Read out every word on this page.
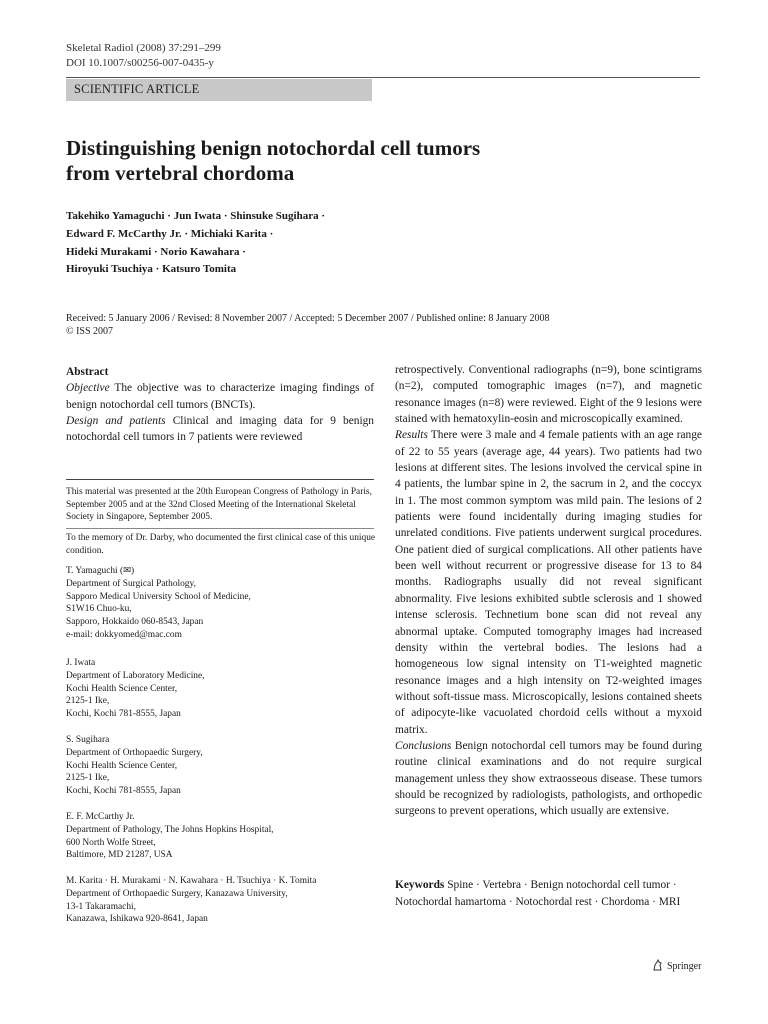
Skeletal Radiol (2008) 37:291–299
DOI 10.1007/s00256-007-0435-y
SCIENTIFIC ARTICLE
Distinguishing benign notochordal cell tumors
from vertebral chordoma
Takehiko Yamaguchi · Jun Iwata · Shinsuke Sugihara ·
Edward F. McCarthy Jr. · Michiaki Karita ·
Hideki Murakami · Norio Kawahara ·
Hiroyuki Tsuchiya · Katsuro Tomita
Received: 5 January 2006 / Revised: 8 November 2007 / Accepted: 5 December 2007 / Published online: 8 January 2008
© ISS 2007

Abstract

Objective The objective was to characterize imaging findings of benign notochordal cell tumors (BNCTs).

Design and patients Clinical and imaging data for 9 benign notochordal cell tumors in 7 patients were reviewed

This material was presented at the 20th European Congress of Pathology in Paris, September 2005 and at the 32nd Closed Meeting of the International Skeletal Society in Singapore, September 2005.
To the memory of Dr. Darby, who documented the first clinical case of this unique condition.
T. Yamaguchi (✉)
Department of Surgical Pathology,
Sapporo Medical University School of Medicine,
S1W16 Chuo-ku,
Sapporo, Hokkaido 060-8543, Japan
e-mail: dokkyomed@mac.com
J. Iwata
Department of Laboratory Medicine,
Kochi Health Science Center,
2125-1 Ike,
Kochi, Kochi 781-8555, Japan
S. Sugihara
Department of Orthopaedic Surgery,
Kochi Health Science Center,
2125-1 Ike,
Kochi, Kochi 781-8555, Japan
E. F. McCarthy Jr.
Department of Pathology, The Johns Hopkins Hospital,
600 North Wolfe Street,
Baltimore, MD 21287, USA
M. Karita · H. Murakami · N. Kawahara · H. Tsuchiya · K. Tomita
Department of Orthopaedic Surgery, Kanazawa University,
13-1 Takaramachi,
Kanazawa, Ishikawa 920-8641, Japan

retrospectively. Conventional radiographs (n=9), bone scintigrams (n=2), computed tomographic images (n=7), and magnetic resonance images (n=8) were reviewed. Eight of the 9 lesions were stained with hematoxylin-eosin and microscopically examined.

Results There were 3 male and 4 female patients with an age range of 22 to 55 years (average age, 44 years). Two patients had two lesions at different sites. The lesions involved the cervical spine in 4 patients, the lumbar spine in 2, the sacrum in 2, and the coccyx in 1. The most common symptom was mild pain. The lesions of 2 patients were found incidentally during imaging studies for unrelated conditions. Five patients underwent surgical procedures. One patient died of surgical complications. All other patients have been well without recurrent or progressive disease for 13 to 84 months. Radiographs usually did not reveal significant abnormality. Five lesions exhibited subtle sclerosis and 1 showed intense sclerosis. Technetium bone scan did not reveal any abnormal uptake. Computed tomography images had increased density within the vertebral bodies. The lesions had a homogeneous low signal intensity on T1-weighted magnetic resonance images and a high intensity on T2-weighted images without soft-tissue mass. Microscopically, lesions contained sheets of adipocyte-like vacuolated chordoid cells without a myxoid matrix.

Conclusions Benign notochordal cell tumors may be found during routine clinical examinations and do not require surgical management unless they show extraosseous disease. These tumors should be recognized by radiologists, pathologists, and orthopedic surgeons to prevent operations, which usually are extensive.

Keywords Spine · Vertebra · Benign notochordal cell tumor · Notochordal hamartoma · Notochordal rest · Chordoma · MRI
Springer
